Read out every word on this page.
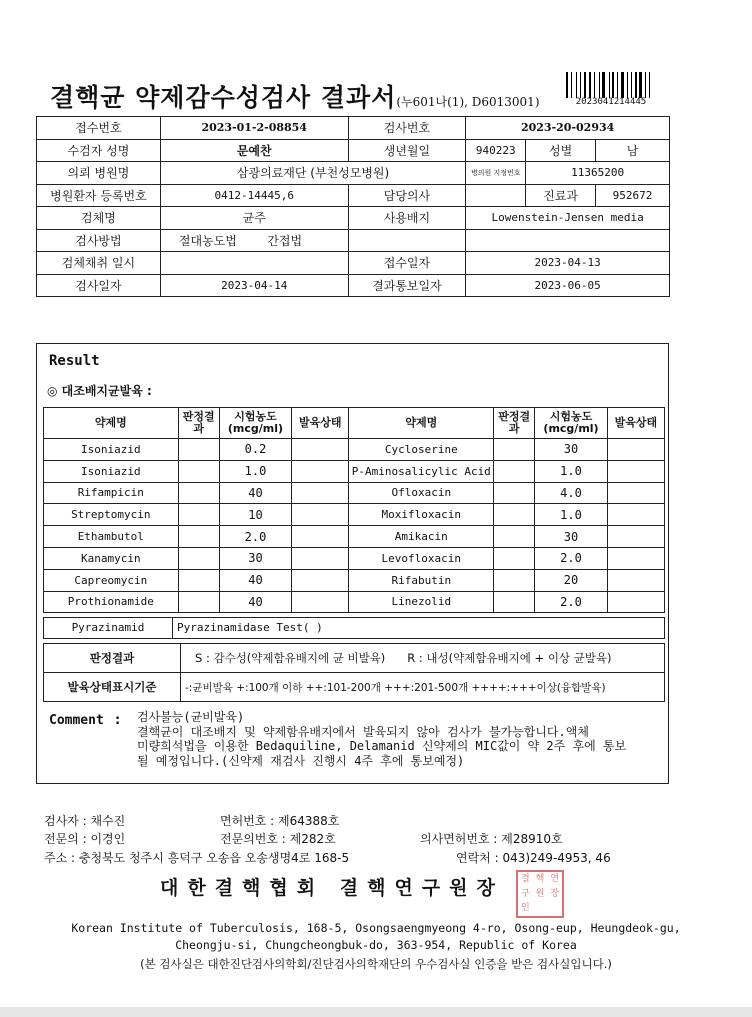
결핵균 약제감수성검사 결과서(누601나(1), D6013001)	2023041214445
접수번호	2023-01-2-08854	검사번호	2023-20-02934		
수검자 성명	문예찬	생년월일	940223	성별	남
의뢰 병원명	삼광의료재단 (부천성모병원)		병의원 지정번호	11365200	
병원환자 등록번호	0412-14445,6	담당의사		진료과	952672
검체명	균주	사용배지	Lowenstein-Jensen media		
검사방법	절대농도법 간접법				
검체채취 일시		접수일자	2023-04-13		
검사일자	2023-04-14	결과통보일자	2023-06-05		
Result
◎ 대조배지균발육 :
약제명	판정결과	시험농도(mcg/ml)	발육상태	약제명	판정결과	시험농도(mcg/ml)	발육상태
Isoniazid		0.2		Cycloserine		30	
Isoniazid		1.0		P-Aminosalicylic Acid		1.0	
Rifampicin		40		Ofloxacin		4.0	
Streptomycin		10		Moxifloxacin		1.0	
Ethambutol		2.0		Amikacin		30	
Kanamycin		30		Levofloxacin		2.0	
Capreomycin		40		Rifabutin		20	
Prothionamide		40		Linezolid		2.0	
Pyrazinamid	Pyrazinamidase Test( )
판정결과	S : 감수성(약제함유배지에 균 비발육) R : 내성(약제함유배지에 + 이상 균발육)
발육상태표시기준	-:균비발육 +:100개 이하 ++:101-200개 +++:201-500개 ++++:+++이상(융합발육)
Comment : 검사불능(균비발육)
결핵균이 대조배지 및 약제함유배지에서 발육되지 않아 검사가 불가능합니다.액체
미량희석법을 이용한 Bedaquiline, Delamanid 신약제의 MIC값이 약 2주 후에 통보
될 예정입니다.(신약제 재검사 진행시 4주 후에 통보예정)
검사자 : 채수진	면허번호 : 제64388호
전문의 : 이경인	전문의번호 : 제282호	의사면허번호 : 제28910호
주소 : 충청북도 청주시 흥덕구 오송읍 오송생명4로 168-5	연락처 : 043)249-4953, 46
대한결핵협회 결핵연구원장	결 핵 연
구 원 장
인
Korean Institute of Tuberculosis, 168-5, Osongsaengmyeong 4-ro, Osong-eup, Heungdeok-gu,
Cheongju-si, Chungcheongbuk-do, 363-954, Republic of Korea
(본 검사실은 대한진단검사의학회/진단검사의학재단의 우수검사실 인증을 받은 검사실입니다.)
